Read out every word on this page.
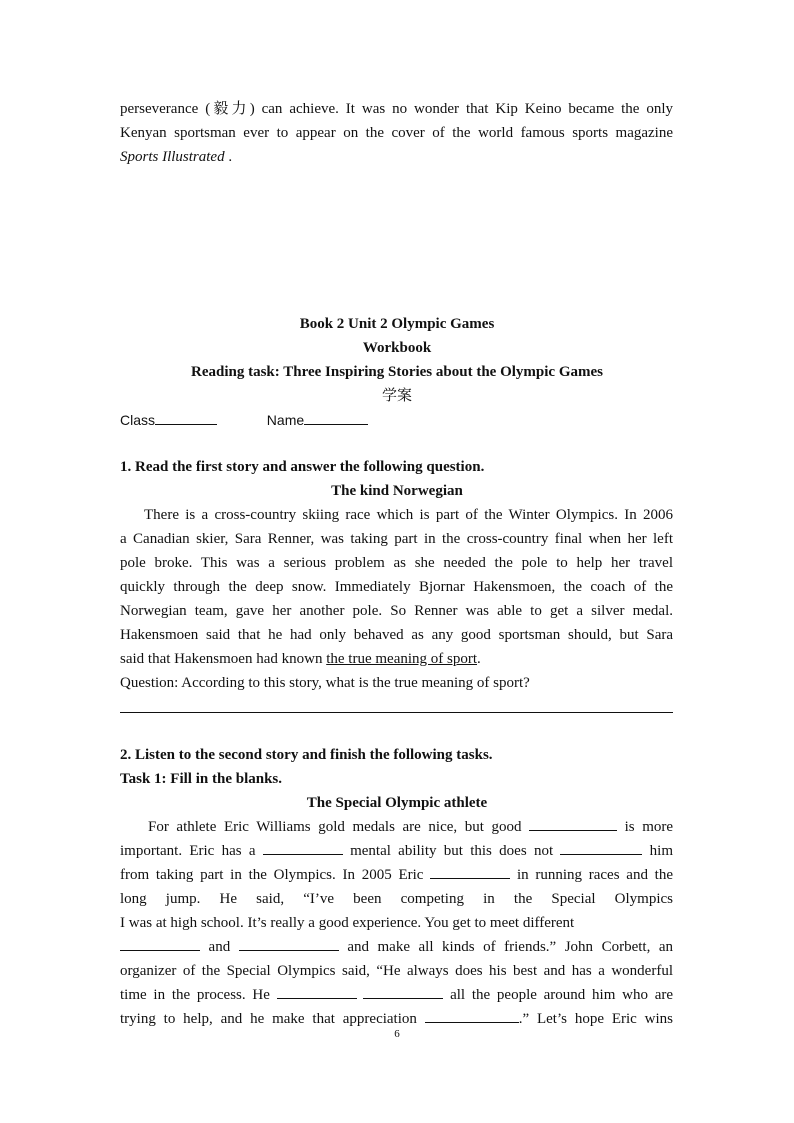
perseverance (毅力) can achieve. It was no wonder that Kip Keino became the only
Kenyan sportsman ever to appear on the cover of the world famous sports magazine
Sports Illustrated .
Book 2 Unit 2 Olympic Games
Workbook
Reading task: Three Inspiring Stories about the Olympic Games
学案
Class	Name
1. Read the first story and answer the following question.
The kind Norwegian
There is a cross-country skiing race which is part of the Winter Olympics. In 2006
a Canadian skier, Sara Renner, was taking part in the cross-country final when her left
pole broke. This was a serious problem as she needed the pole to help her travel
quickly through the deep snow. Immediately Bjornar Hakensmoen, the coach of the
Norwegian team, gave her another pole. So Renner was able to get a silver medal.
Hakensmoen said that he had only behaved as any good sportsman should, but Sara
said that Hakensmoen had known the true meaning of sport.
Question: According to this story, what is the true meaning of sport?
2. Listen to the second story and finish the following tasks.
Task 1: Fill in the blanks.
The Special Olympic athlete
For athlete Eric Williams gold medals are nice, but good	is more
important. Eric has a	mental ability but this does not	him
from taking part in the Olympics. In 2005 Eric	in running races and the
long jump. He said, “I’ve been competing in the Special Olympics
I was at high school. It’s really a good experience. You get to meet different
and	and make all kinds of friends.” John Corbett, an
organizer of the Special Olympics said, “He always does his best and has a wonderful
time in the process. He	all the people around him who are
trying to help, and he make that appreciation	.” Let’s hope Eric wins
6
